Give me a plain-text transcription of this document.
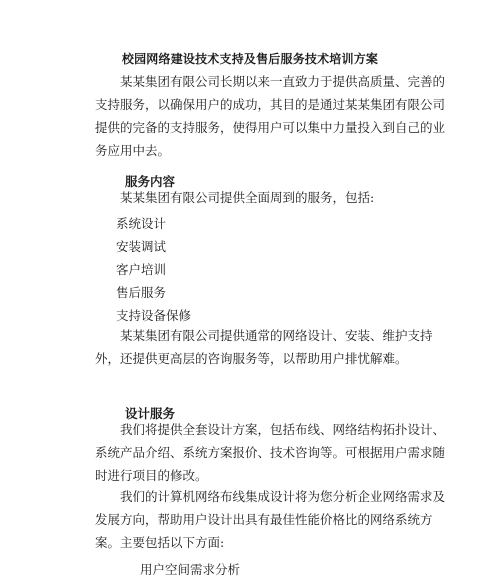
校园网络建设技术支持及售后服务技术培训方案
某某集团有限公司长期以来一直致力于提供高质量、完善的支持服务，以确保用户的成功，其目的是通过某某集团有限公司提供的完备的支持服务，使得用户可以集中力量投入到自己的业务应用中去。
服务内容
某某集团有限公司提供全面周到的服务，包括:
系统设计
安装调试
客户培训
售后服务
支持设备保修
某某集团有限公司提供通常的网络设计、安装、维护支持外，还提供更高层的咨询服务等，以帮助用户排忧解难。
设计服务
我们将提供全套设计方案，包括布线、网络结构拓扑设计、系统产品介绍、系统方案报价、技术咨询等。可根据用户需求随时进行项目的修改。
我们的计算机网络布线集成设计将为您分析企业网络需求及发展方向，帮助用户设计出具有最佳性能价格比的网络系统方案。主要包括以下方面:
用户空间需求分析
